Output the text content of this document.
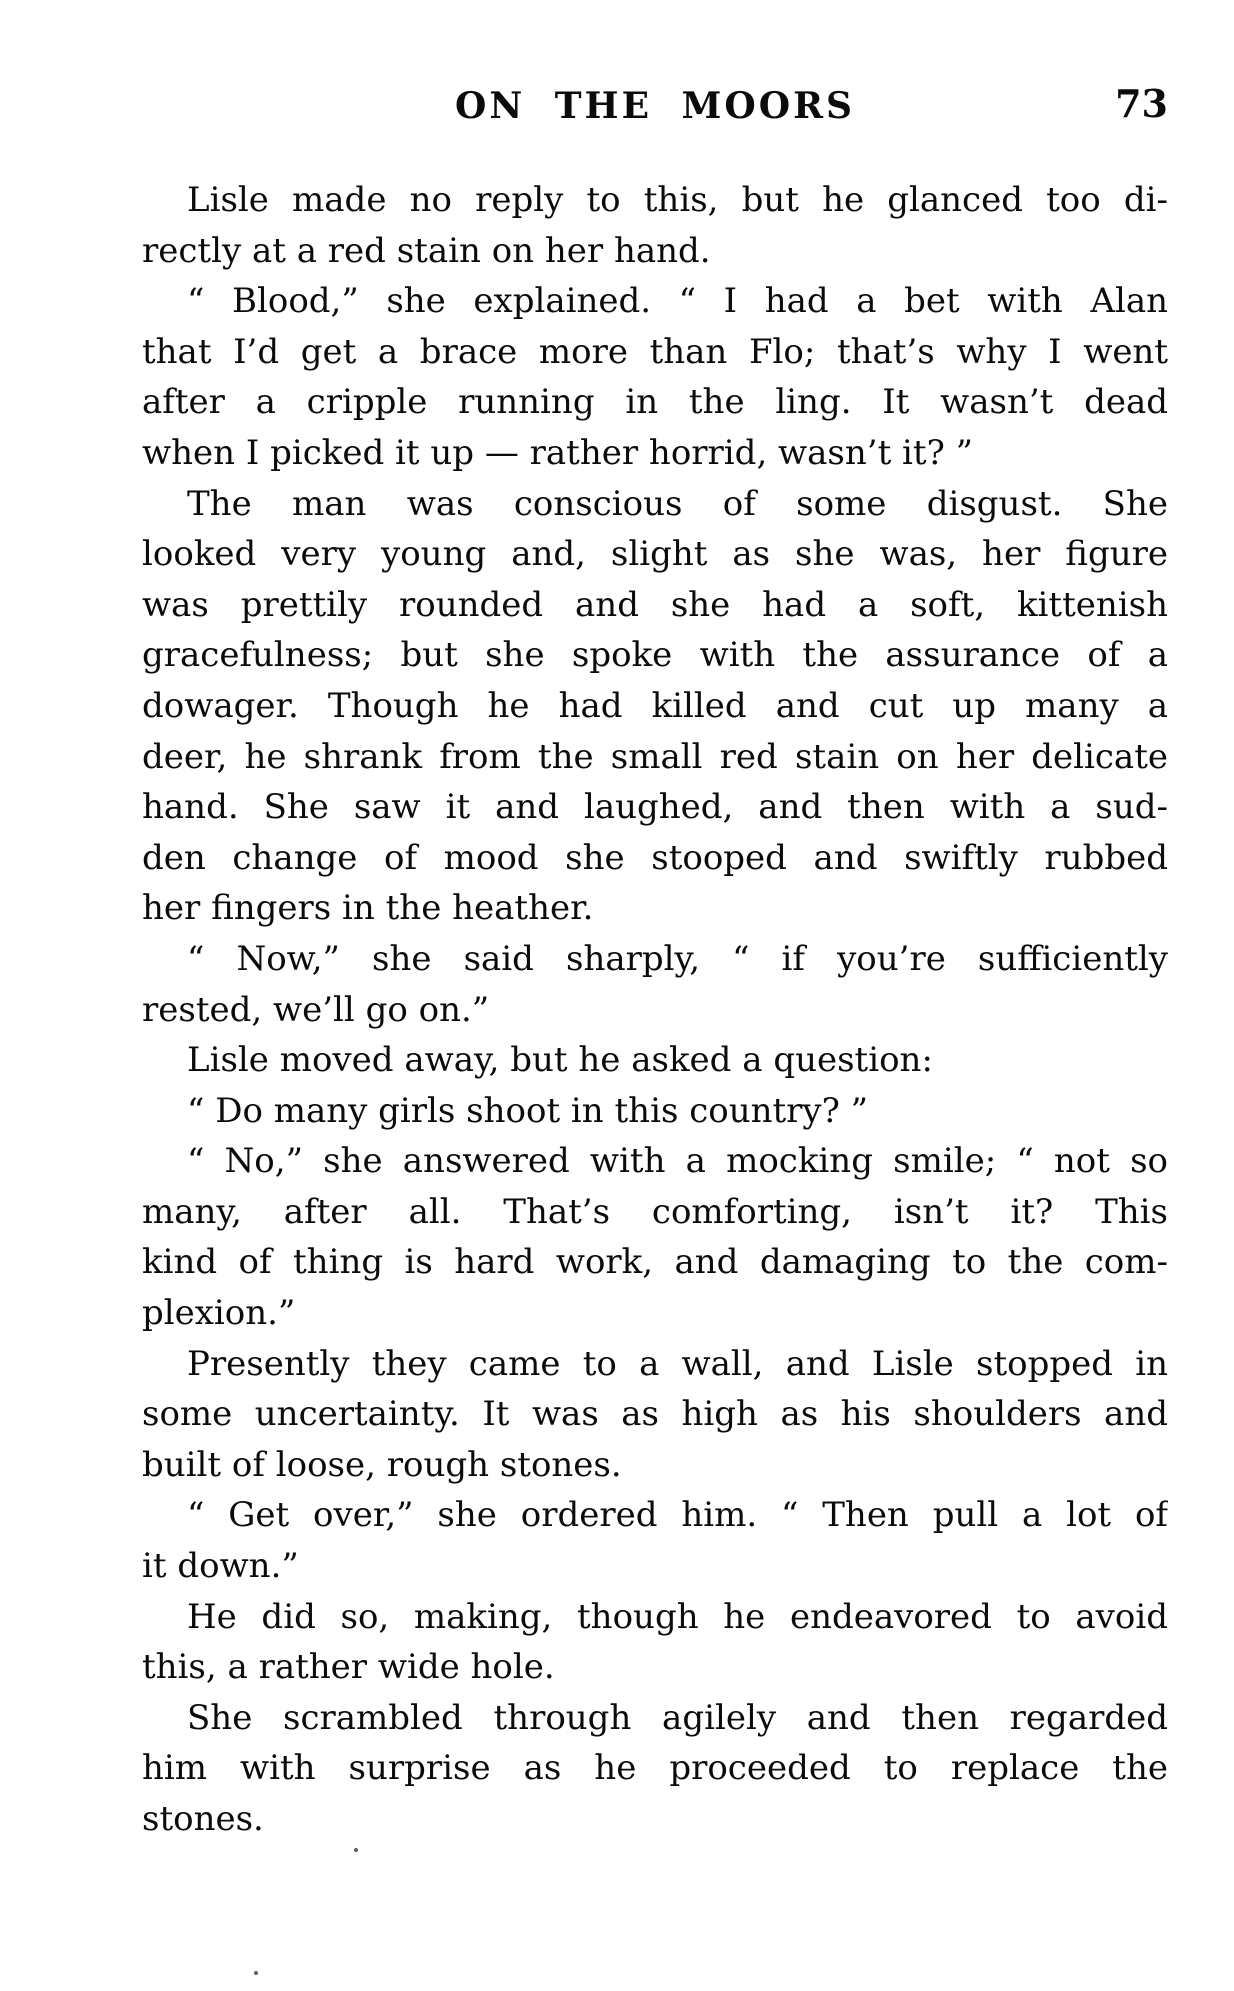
ON THE MOORS	73
Lisle made no reply to this, but he glanced too di-
rectly at a red stain on her hand.
“ Blood,” she explained. “ I had a bet with Alan
that I’d get a brace more than Flo; that’s why I went
after a cripple running in the ling. It wasn’t dead
when I picked it up — rather horrid, wasn’t it? ”
The man was conscious of some disgust. She
looked very young and, slight as she was, her figure
was prettily rounded and she had a soft, kittenish
gracefulness; but she spoke with the assurance of a
dowager. Though he had killed and cut up many a
deer, he shrank from the small red stain on her delicate
hand. She saw it and laughed, and then with a sud-
den change of mood she stooped and swiftly rubbed
her fingers in the heather.
“ Now,” she said sharply, “ if you’re sufficiently
rested, we’ll go on.”
Lisle moved away, but he asked a question:
“ Do many girls shoot in this country? ”
“ No,” she answered with a mocking smile; “ not so
many, after all. That’s comforting, isn’t it? This
kind of thing is hard work, and damaging to the com-
plexion.”
Presently they came to a wall, and Lisle stopped in
some uncertainty. It was as high as his shoulders and
built of loose, rough stones.
“ Get over,” she ordered him. “ Then pull a lot of
it down.”
He did so, making, though he endeavored to avoid
this, a rather wide hole.
She scrambled through agilely and then regarded
him with surprise as he proceeded to replace the
stones.
